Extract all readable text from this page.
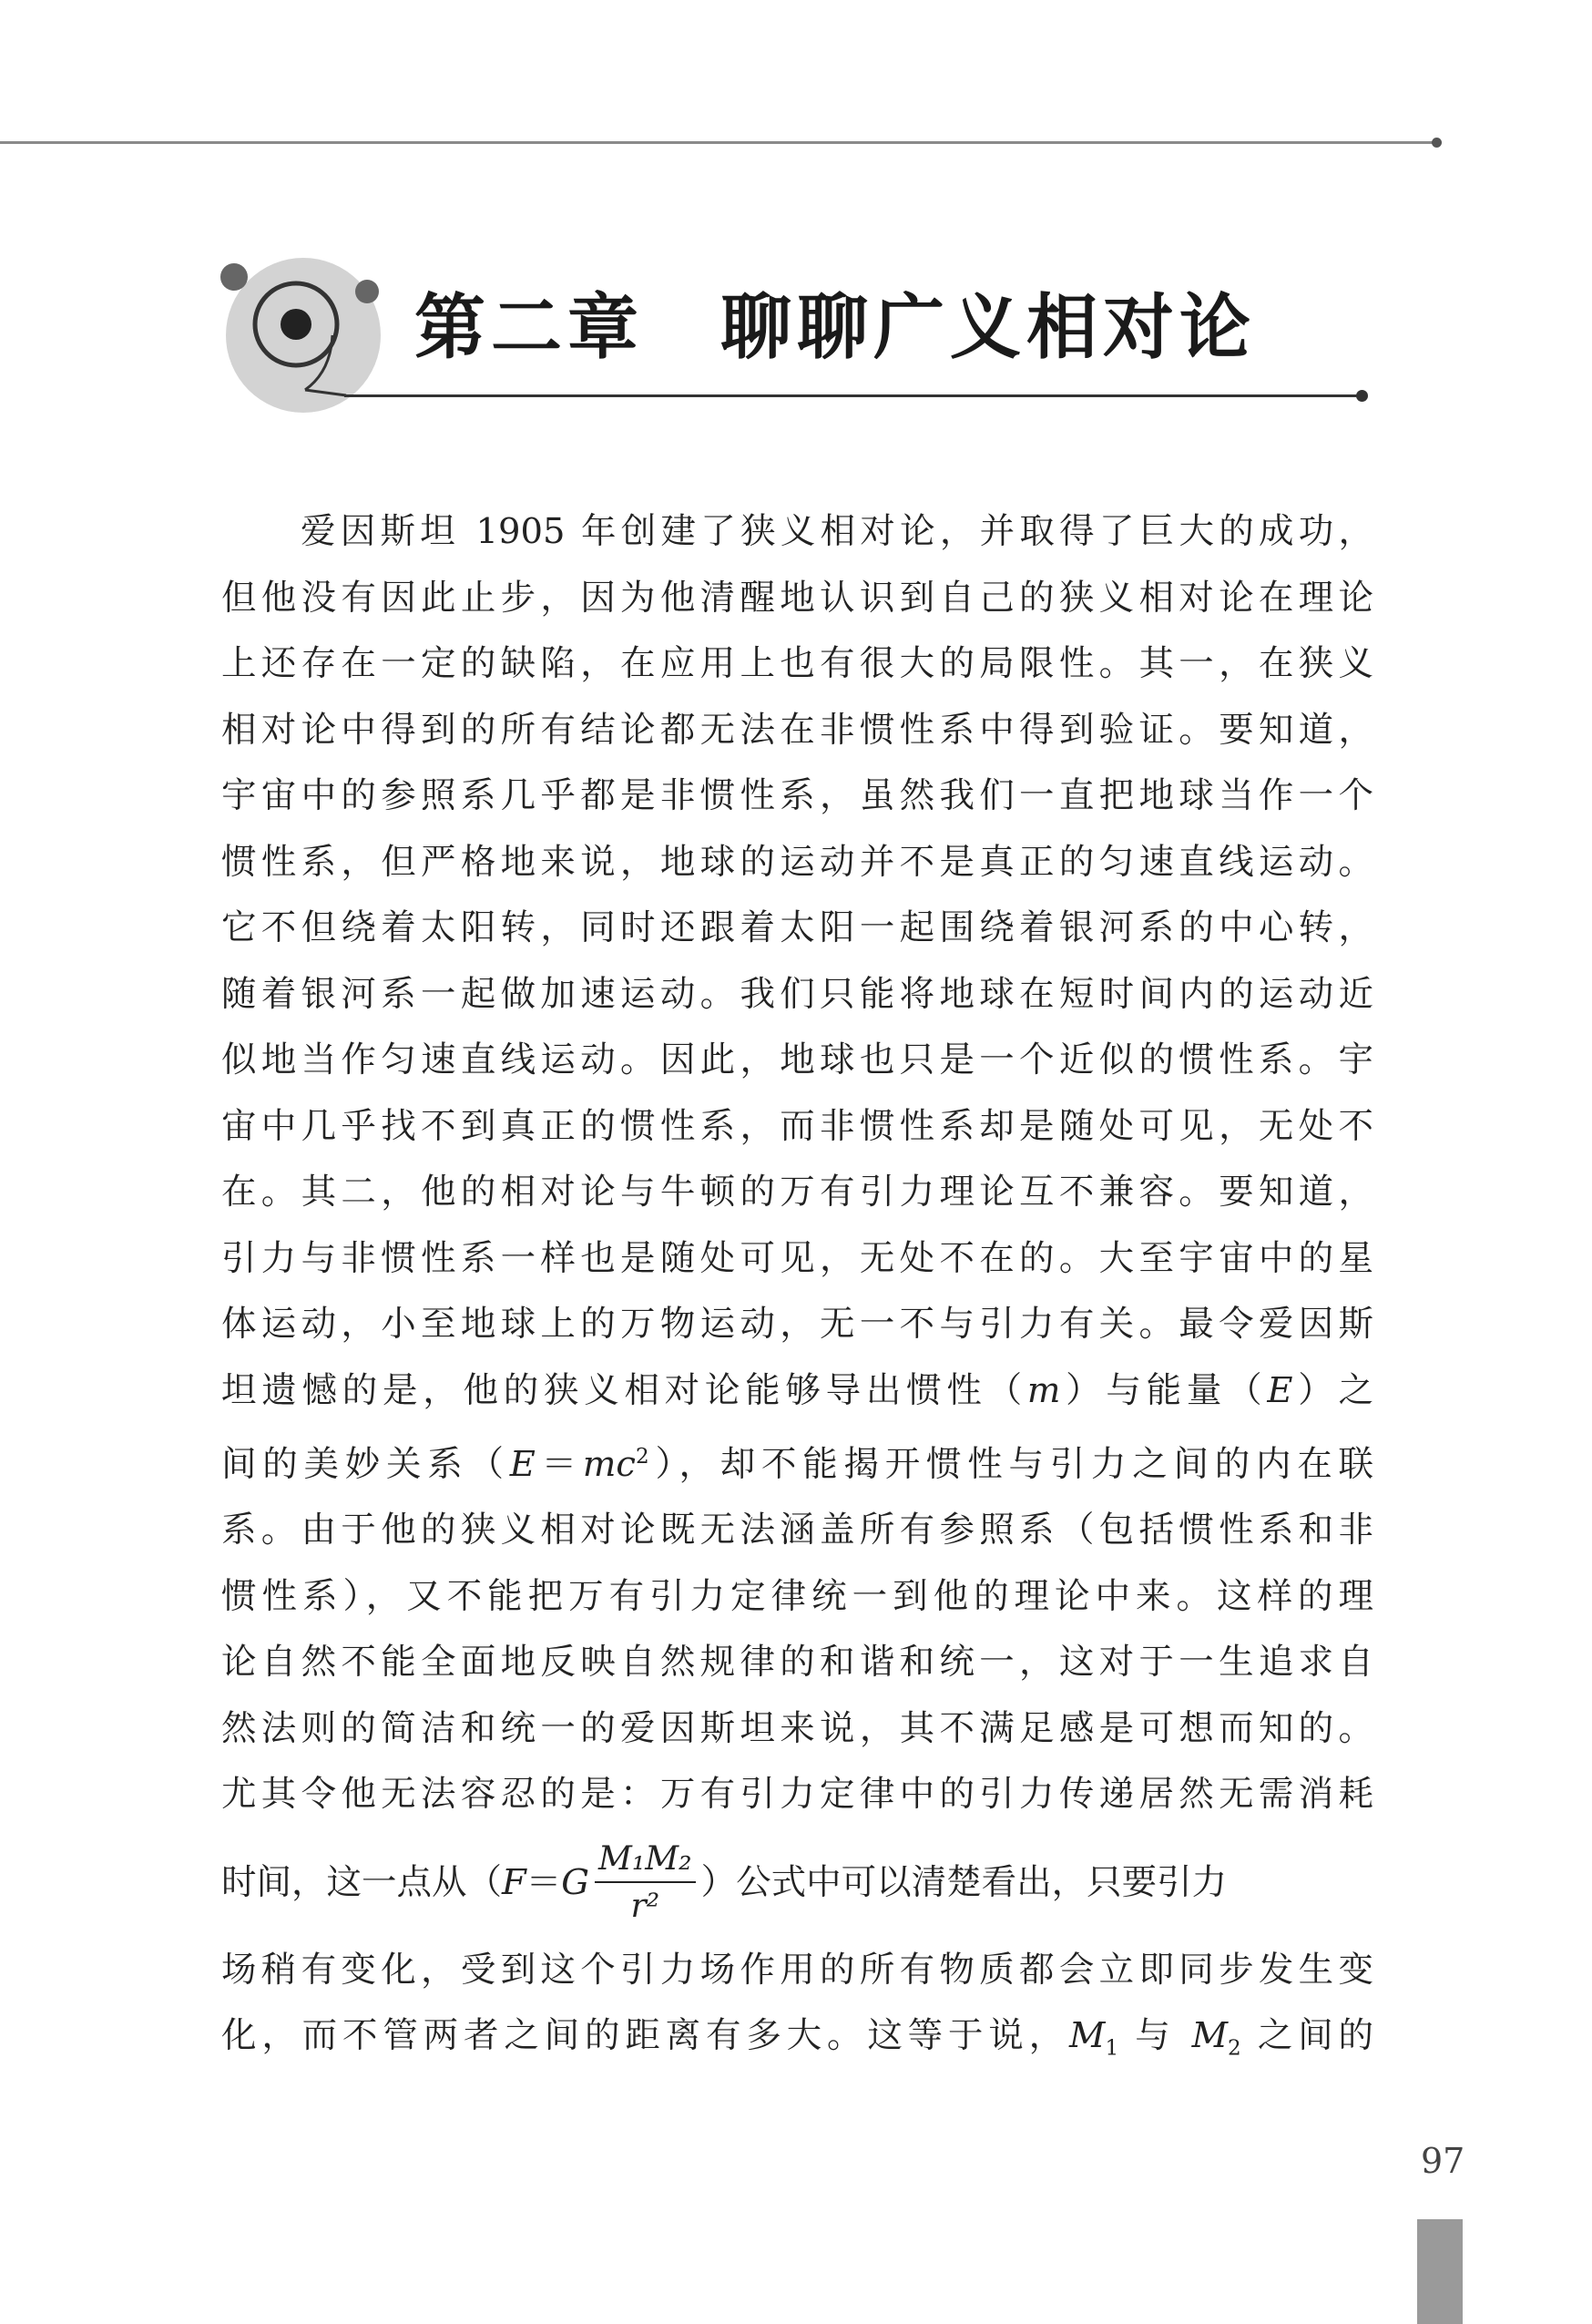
第二章　聊聊广义相对论
爱因斯坦 1905 年创建了狭义相对论，并取得了巨大的成功，
但他没有因此止步，因为他清醒地认识到自己的狭义相对论在理论
上还存在一定的缺陷，在应用上也有很大的局限性。其一，在狭义
相对论中得到的所有结论都无法在非惯性系中得到验证。要知道，
宇宙中的参照系几乎都是非惯性系，虽然我们一直把地球当作一个
惯性系，但严格地来说，地球的运动并不是真正的匀速直线运动。
它不但绕着太阳转，同时还跟着太阳一起围绕着银河系的中心转，
随着银河系一起做加速运动。我们只能将地球在短时间内的运动近
似地当作匀速直线运动。因此，地球也只是一个近似的惯性系。宇
宙中几乎找不到真正的惯性系，而非惯性系却是随处可见，无处不
在。其二，他的相对论与牛顿的万有引力理论互不兼容。要知道，
引力与非惯性系一样也是随处可见，无处不在的。大至宇宙中的星
体运动，小至地球上的万物运动，无一不与引力有关。最令爱因斯
坦遗憾的是，他的狭义相对论能够导出惯性（m）与能量（E）之
间的美妙关系$(E=mc^2)$，却不能揭开惯性与引力之间的内在联
系。由于他的狭义相对论既无法涵盖所有参照系（包括惯性系和非
惯性系），又不能把万有引力定律统一到他的理论中来。这样的理
论自然不能全面地反映自然规律的和谐和统一，这对于一生追求自
然法则的简洁和统一的爱因斯坦来说，其不满足感是可想而知的。
尤其令他无法容忍的是：万有引力定律中的引力传递居然无需消耗
时间，这一点从（ F ＝ G $\frac{\text{M₁M₂}}{\text{r²}}$ ）公式中可以清楚看出，只要引力
场稍有变化，受到这个引力场作用的所有物质都会立即同步发生变
化，而不管两者之间的距离有多大。这等于说，$M_1$ 与 $M_2$ 之间的
97
